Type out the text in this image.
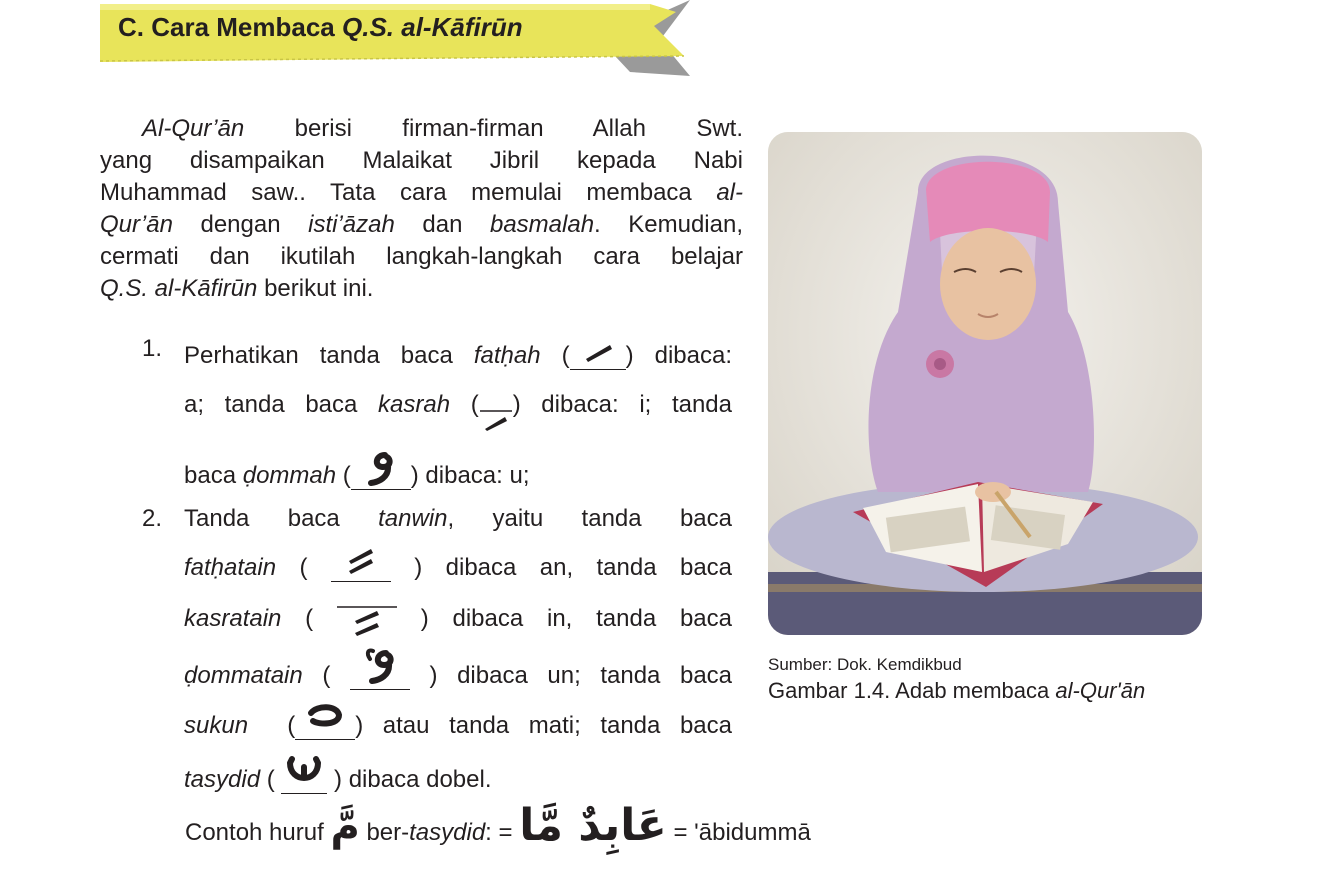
C. Cara Membaca Q.S. al-Kāfirūn
Al-Qur’ān berisi firman-firman Allah Swt.
yang disampaikan Malaikat Jibril kepada Nabi
Muhammad saw.. Tata cara memulai membaca al-
Qur’ān dengan isti’āzah dan basmalah. Kemudian,
cermati dan ikutilah langkah-langkah cara belajar
Q.S. al-Kāfirūn berikut ini.
1. Perhatikan tanda baca fatḥah ( ) dibaca:
a; tanda baca kasrah ( ) dibaca: i; tanda
baca ḍommah (	) dibaca: u;
2. Tanda baca tanwin, yaitu tanda baca
fatḥatain (	) dibaca an, tanda baca
kasratain (	) dibaca in, tanda baca
ḍommatain (	) dibaca un; tanda baca
sukun  (	) atau tanda mati; tanda baca
tasydid (
) dibaca dobel.
Contoh huruf مَّ ber-tasydid: = عَابِدٌ مَّا = 'ābidummā
Sumber: Dok. Kemdikbud
Gambar 1.4. Adab membaca al-Qur'ān
